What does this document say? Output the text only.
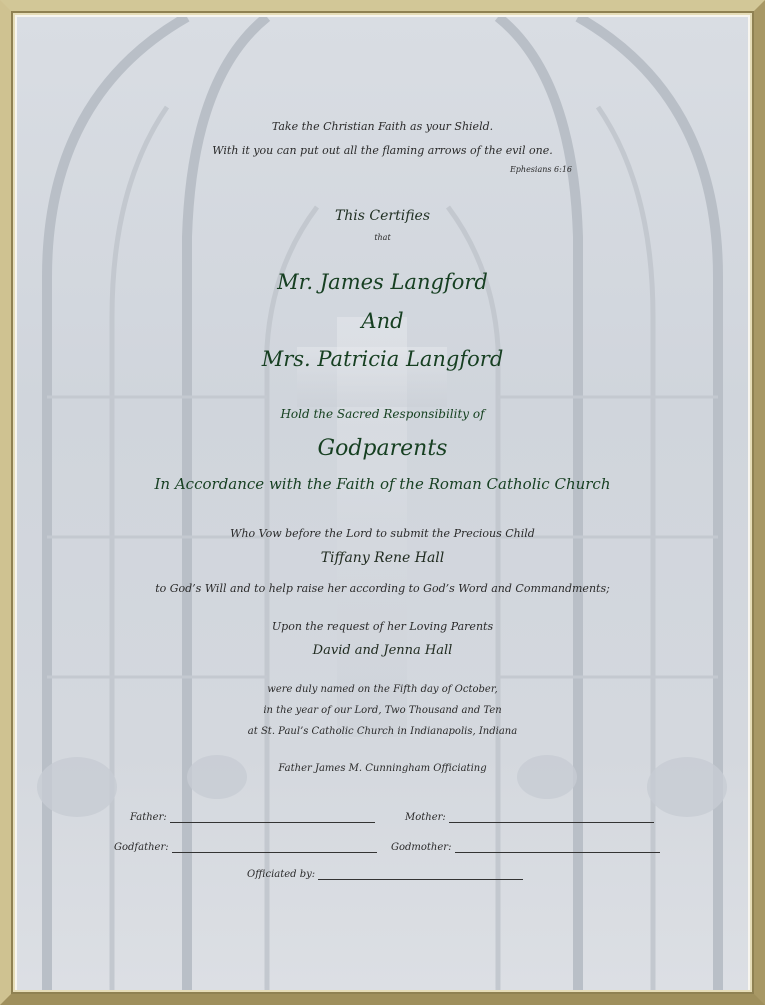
Take the Christian Faith as your Shield.
With it you can put out all the flaming arrows of the evil one.
Ephesians 6:16
This Certifies
that
Mr. James Langford
And
Mrs. Patricia Langford
Hold the Sacred Responsibility of
Godparents
In Accordance with the Faith of the Roman Catholic Church
Who Vow before the Lord to submit the Precious Child
Tiffany Rene Hall
to God’s Will and to help raise her according to God’s Word and Commandments;
Upon the request of her Loving Parents
David and Jenna Hall
were duly named on the Fifth day of October,
in the year of our Lord, Two Thousand and Ten
at St. Paul’s Catholic Church in Indianapolis, Indiana
Father James M. Cunningham Officiating
Father:	Mother:
Godfather:	Godmother:
Officiated by:
